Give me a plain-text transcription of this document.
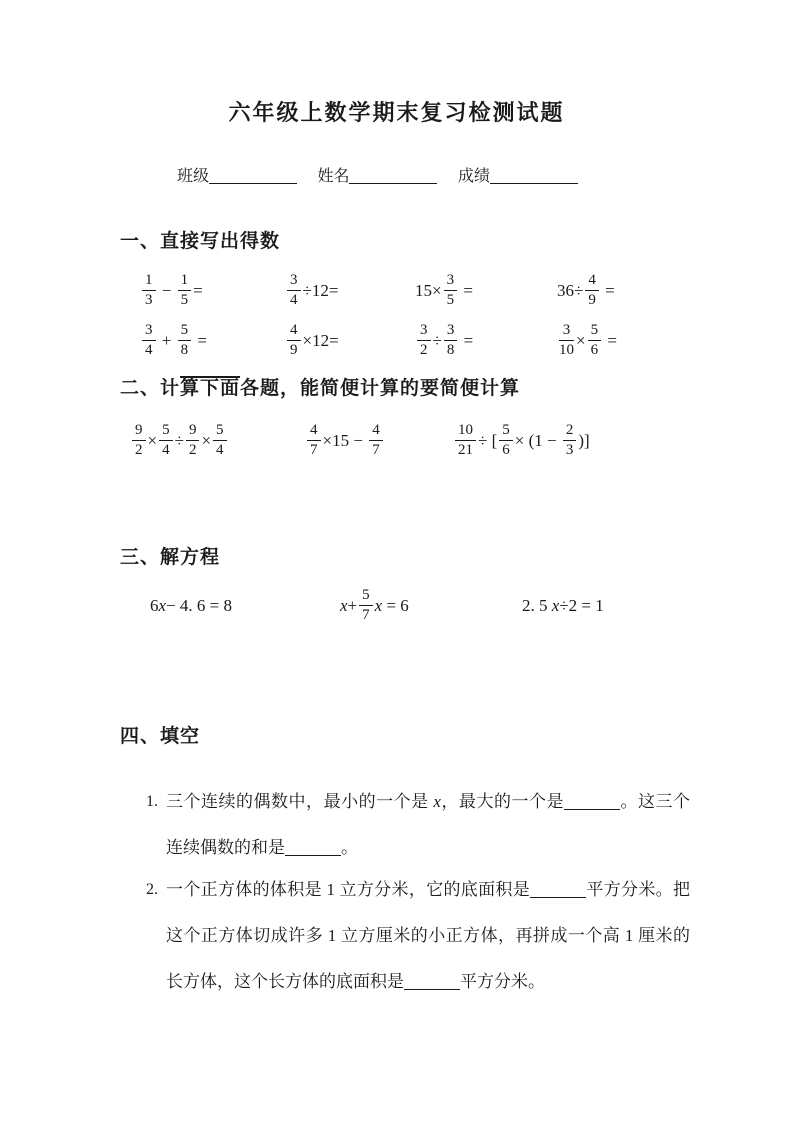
六年级上数学期末复习检测试题
班级	姓名	成绩
一、直接写出得数
$\frac{1}{3} - \frac{1}{5}$ =	$\frac{3}{4} \div 12=$	$15\times \frac{3}{5}$ =	$36\div \frac{4}{9}$ =
$\frac{3}{4} + \frac{5}{8}$ =	$\frac{4}{9} \times 12=$	$\frac{3}{2} \div \frac{3}{8}$ =	$\frac{3}{10} \times \frac{5}{6}$ =
二、计算下面各题，能简便计算的要简便计算
$\frac{9}{2} \times \frac{5}{4} \div \frac{9}{2} \times \frac{5}{4}$	$\frac{4}{7} \times 15 - \frac{4}{7}$	$\frac{10}{21}$ ÷ [ $\frac{5}{6} \times (1 - \frac{2}{3}$ )]
三、解方程
6x− 4. 6 = 8	$x+ \frac{5}{7}$ x = 6	2. 5 x÷2 = 1
四、填空
1. 三个连续的偶数中，最小的一个是 x，最大的一个是	。这三个连续偶数的和是	。
2. 一个正方体的体积是 1 立方分米，它的底面积是	平方分米。把这个正方体切成许多 1 立方厘米的小正方体，再拼成一个高 1 厘米的长方体，这个长方体的底面积是	平方分米。
